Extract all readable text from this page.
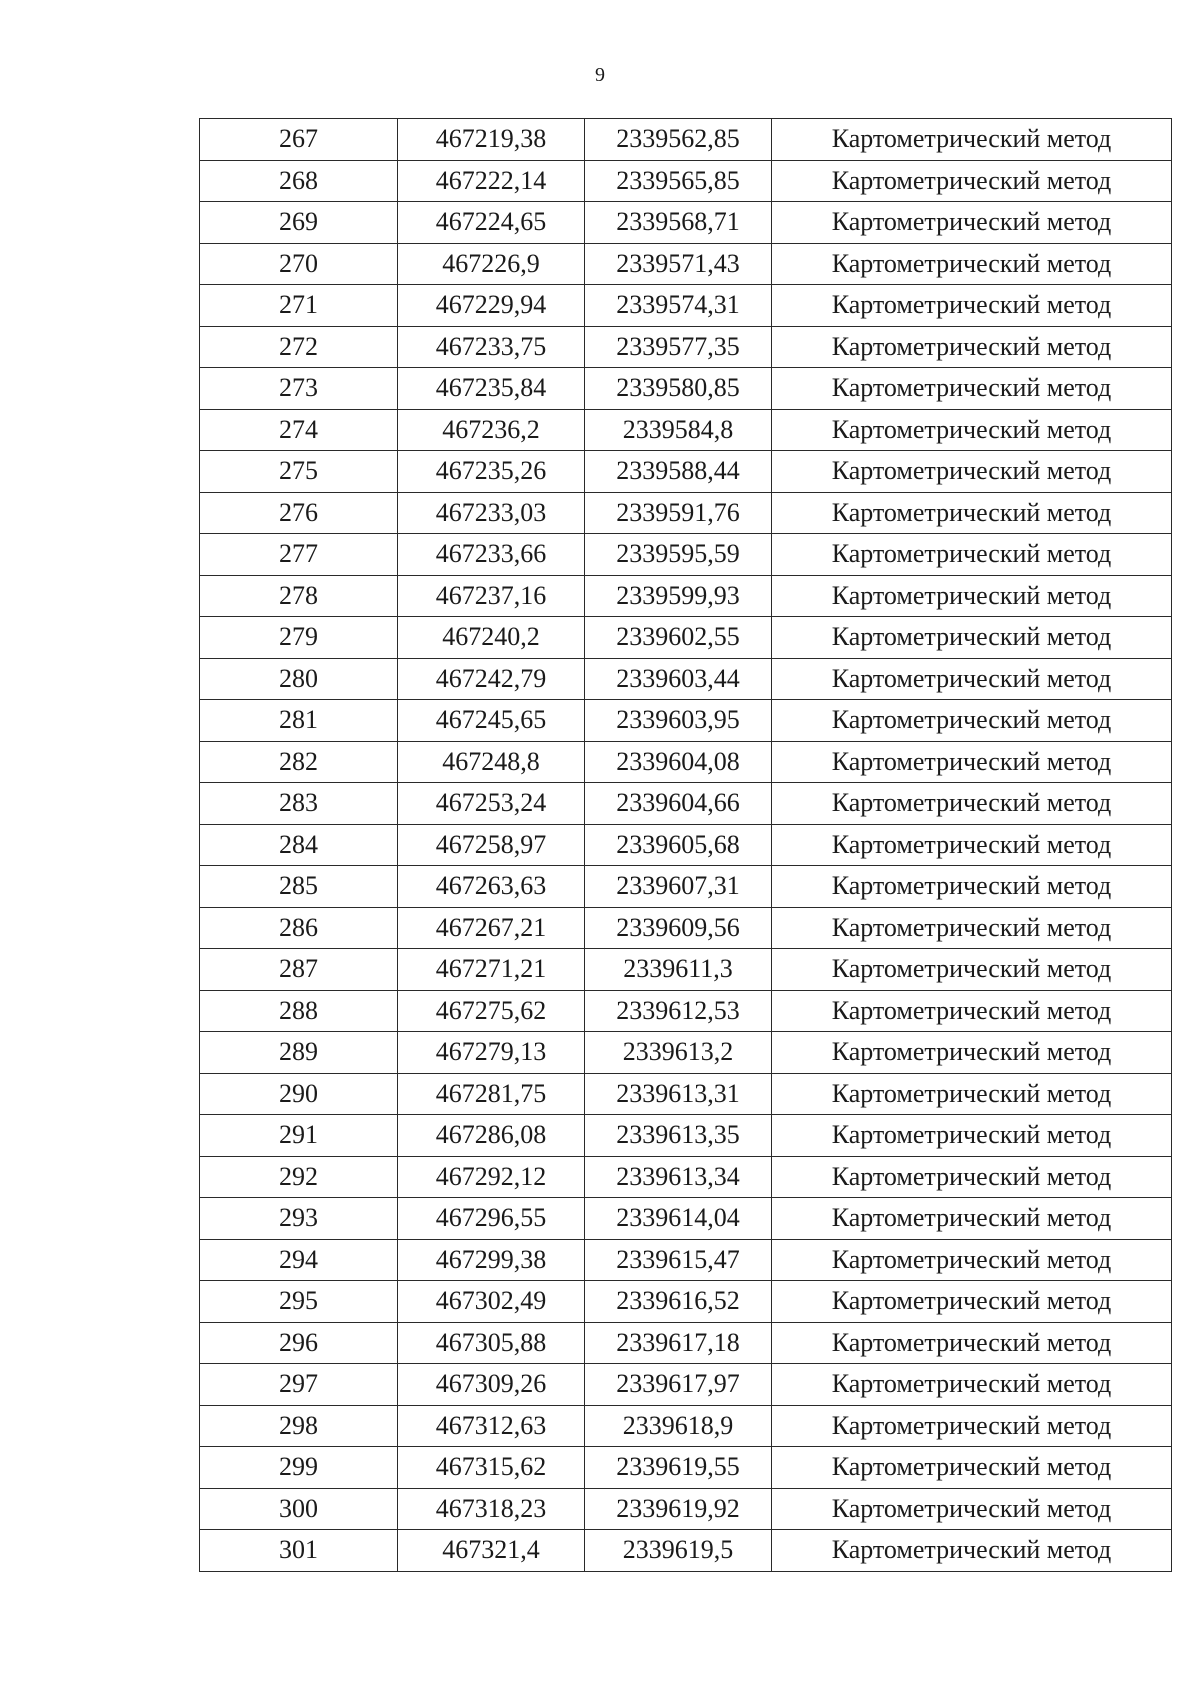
9
267	467219,38	2339562,85	Картометрический метод
268	467222,14	2339565,85	Картометрический метод
269	467224,65	2339568,71	Картометрический метод
270	467226,9	2339571,43	Картометрический метод
271	467229,94	2339574,31	Картометрический метод
272	467233,75	2339577,35	Картометрический метод
273	467235,84	2339580,85	Картометрический метод
274	467236,2	2339584,8	Картометрический метод
275	467235,26	2339588,44	Картометрический метод
276	467233,03	2339591,76	Картометрический метод
277	467233,66	2339595,59	Картометрический метод
278	467237,16	2339599,93	Картометрический метод
279	467240,2	2339602,55	Картометрический метод
280	467242,79	2339603,44	Картометрический метод
281	467245,65	2339603,95	Картометрический метод
282	467248,8	2339604,08	Картометрический метод
283	467253,24	2339604,66	Картометрический метод
284	467258,97	2339605,68	Картометрический метод
285	467263,63	2339607,31	Картометрический метод
286	467267,21	2339609,56	Картометрический метод
287	467271,21	2339611,3	Картометрический метод
288	467275,62	2339612,53	Картометрический метод
289	467279,13	2339613,2	Картометрический метод
290	467281,75	2339613,31	Картометрический метод
291	467286,08	2339613,35	Картометрический метод
292	467292,12	2339613,34	Картометрический метод
293	467296,55	2339614,04	Картометрический метод
294	467299,38	2339615,47	Картометрический метод
295	467302,49	2339616,52	Картометрический метод
296	467305,88	2339617,18	Картометрический метод
297	467309,26	2339617,97	Картометрический метод
298	467312,63	2339618,9	Картометрический метод
299	467315,62	2339619,55	Картометрический метод
300	467318,23	2339619,92	Картометрический метод
301	467321,4	2339619,5	Картометрический метод
